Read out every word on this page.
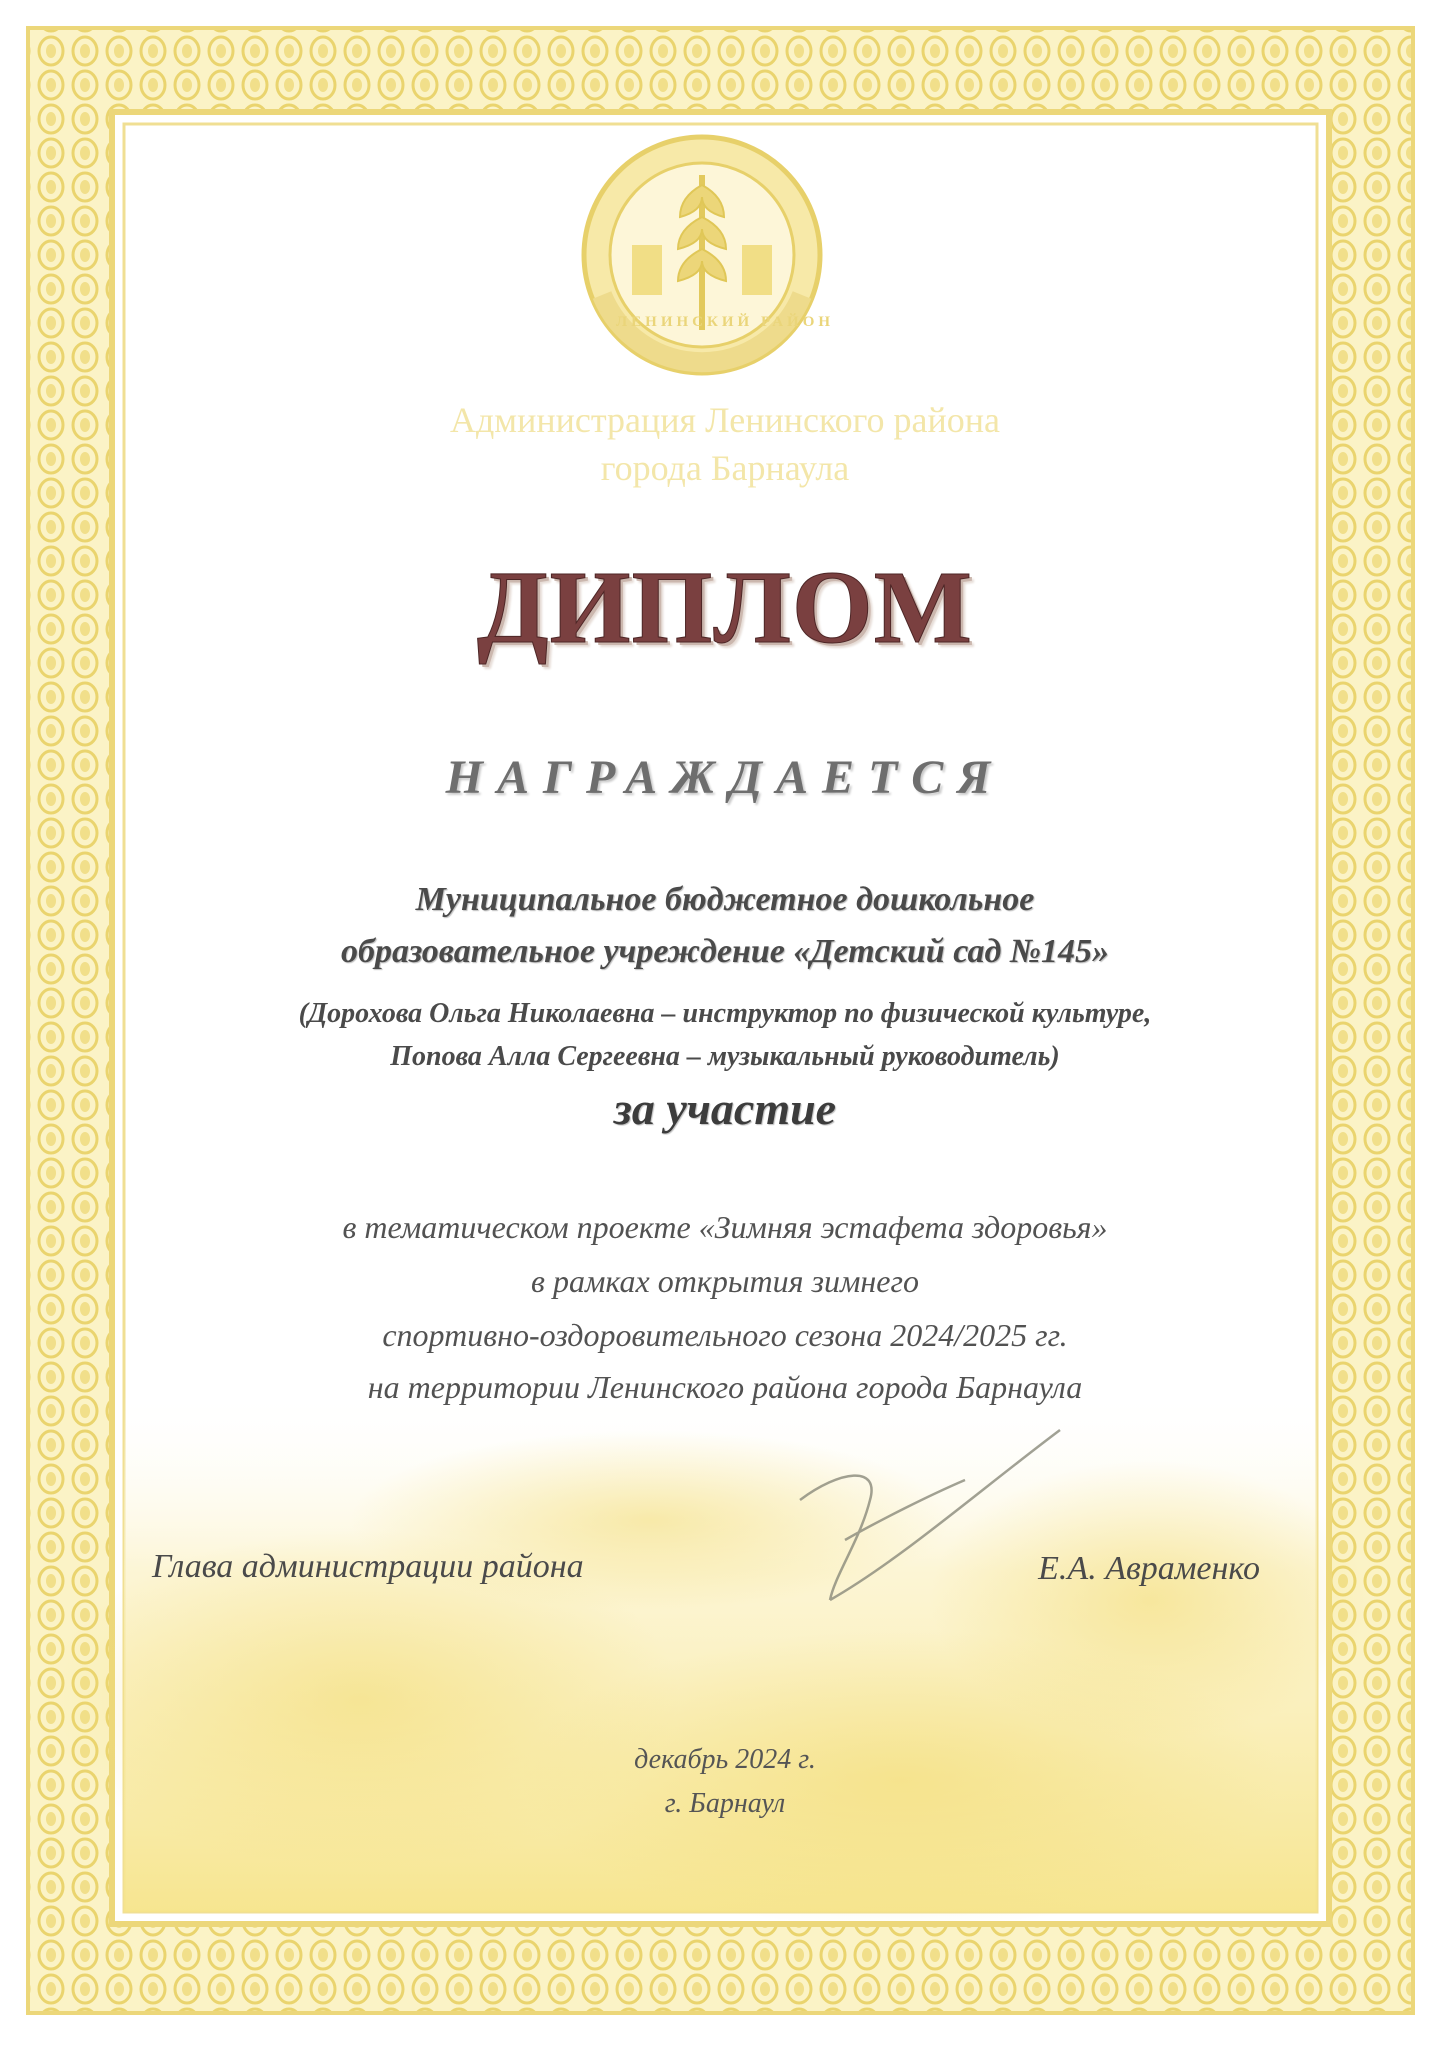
ЛЕНИНСКИЙ РАЙОН
Администрация Ленинского района
города Барнаула
ДИПЛОМ
НАГРАЖДАЕТСЯ
Муниципальное бюджетное дошкольное
образовательное учреждение «Детский сад №145»
(Дорохова Ольга Николаевна – инструктор по физической культуре,
Попова Алла Сергеевна – музыкальный руководитель)
за участие
в тематическом проекте «Зимняя эстафета здоровья»
в рамках открытия зимнего
спортивно-оздоровительного сезона 2024/2025 гг.
на территории Ленинского района города Барнаула
Глава администрации района	Е.А. Авраменко
декабрь 2024 г.
г. Барнаул
